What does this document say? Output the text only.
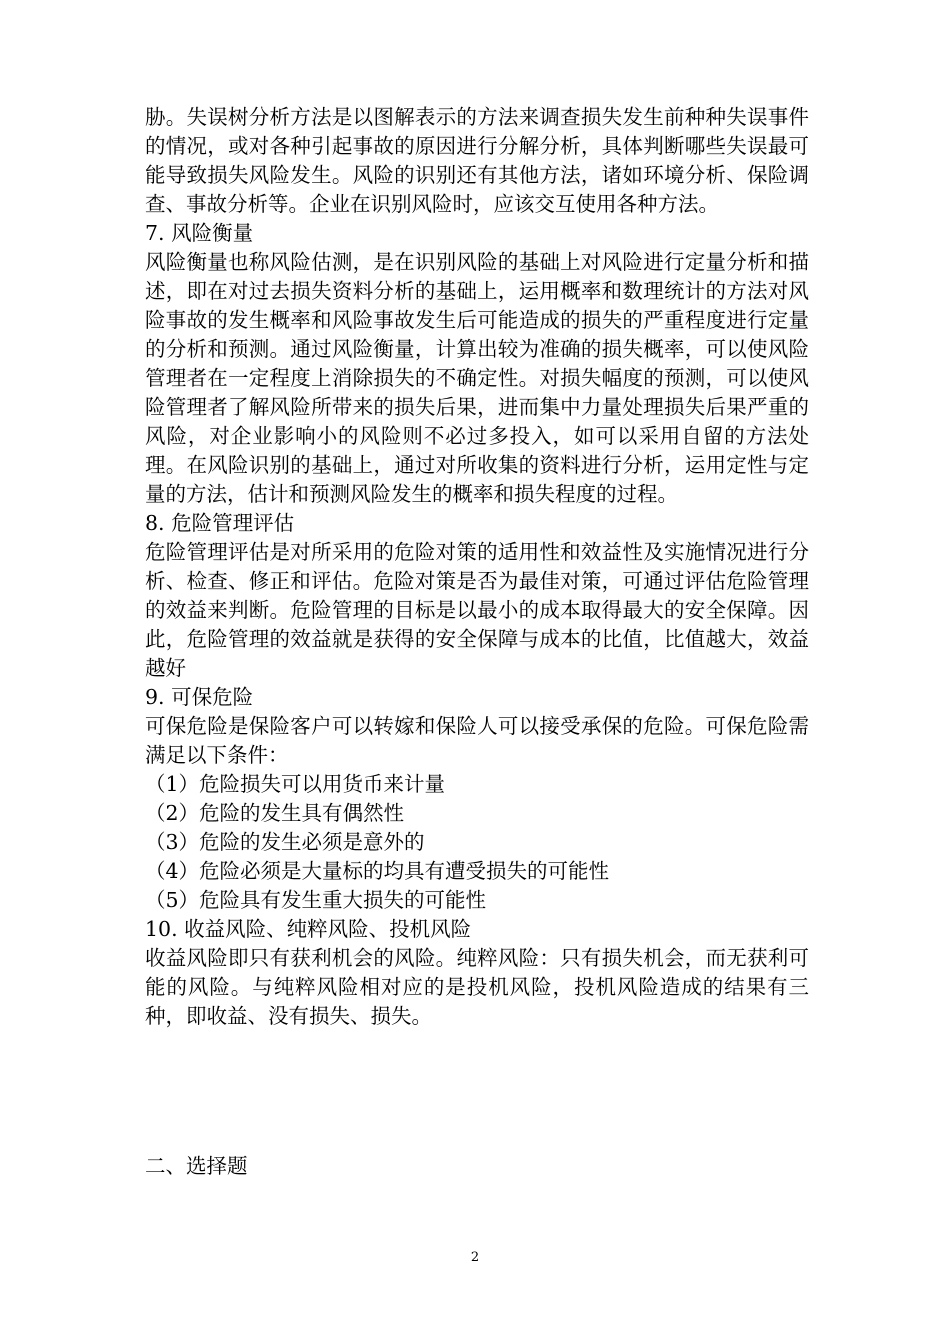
胁。失误树分析方法是以图解表示的方法来调查损失发生前种种失误事件的情况，或对各种引起事故的原因进行分解分析，具体判断哪些失误最可能导致损失风险发生。风险的识别还有其他方法，诸如环境分析、保险调查、事故分析等。企业在识别风险时，应该交互使用各种方法。

7. 风险衡量

风险衡量也称风险估测，是在识别风险的基础上对风险进行定量分析和描述，即在对过去损失资料分析的基础上，运用概率和数理统计的方法对风险事故的发生概率和风险事故发生后可能造成的损失的严重程度进行定量的分析和预测。通过风险衡量，计算出较为准确的损失概率，可以使风险管理者在一定程度上消除损失的不确定性。对损失幅度的预测，可以使风险管理者了解风险所带来的损失后果，进而集中力量处理损失后果严重的风险，对企业影响小的风险则不必过多投入，如可以采用自留的方法处理。在风险识别的基础上，通过对所收集的资料进行分析，运用定性与定量的方法，估计和预测风险发生的概率和损失程度的过程。

8. 危险管理评估

危险管理评估是对所采用的危险对策的适用性和效益性及实施情况进行分析、检查、修正和评估。危险对策是否为最佳对策，可通过评估危险管理的效益来判断。危险管理的目标是以最小的成本取得最大的安全保障。因此，危险管理的效益就是获得的安全保障与成本的比值，比值越大，效益越好

9. 可保危险

可保危险是保险客户可以转嫁和保险人可以接受承保的危险。可保危险需满足以下条件：

（1）危险损失可以用货币来计量

（2）危险的发生具有偶然性

（3）危险的发生必须是意外的

（4）危险必须是大量标的均具有遭受损失的可能性

（5）危险具有发生重大损失的可能性

10. 收益风险、纯粹风险、投机风险

收益风险即只有获利机会的风险。纯粹风险：只有损失机会，而无获利可能的风险。与纯粹风险相对应的是投机风险，投机风险造成的结果有三种，即收益、没有损失、损失。

二、选择题

2
